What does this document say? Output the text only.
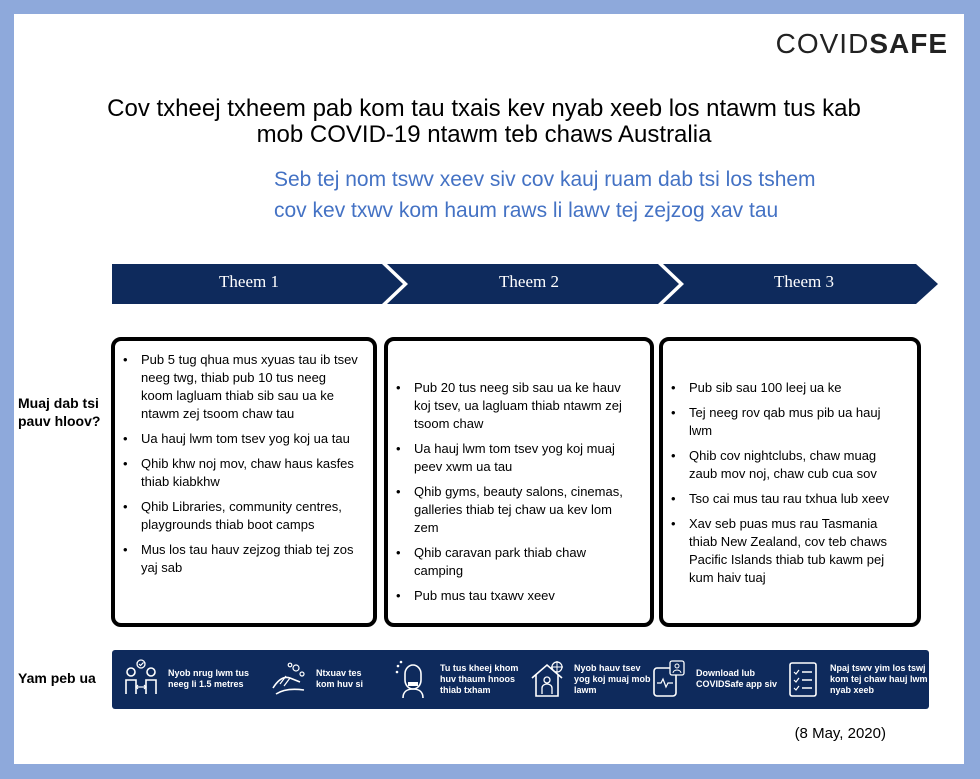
COVIDSAFE
Cov txheej txheem pab kom tau txais kev nyab xeeb los ntawm tus kab mob COVID-19 ntawm teb chaws Australia
Seb tej nom tswv xeev siv cov kauj ruam dab tsi los tshem cov kev txwv kom haum raws li lawv tej zejzog xav tau
Theem 1	Theem 2	Theem 3
Muaj dab tsi pauv hloov?
Yam peb ua
• Pub 5 tug qhua mus xyuas tau ib tsev neeg twg, thiab pub 10 tus neeg koom lagluam thiab sib sau ua ke ntawm zej tsoom chaw tau
• Ua hauj lwm tom tsev yog koj ua tau
• Qhib khw noj mov, chaw haus kasfes thiab kiabkhw
• Qhib Libraries, community centres, playgrounds thiab boot camps
• Mus los tau hauv zejzog thiab tej zos yaj sab
• Pub 20 tus neeg sib sau ua ke hauv koj tsev, ua lagluam thiab ntawm zej tsoom chaw
• Ua hauj lwm tom tsev yog koj muaj peev xwm ua tau
• Qhib gyms, beauty salons, cinemas, galleries thiab tej chaw ua kev lom zem
• Qhib caravan park thiab chaw camping
• Pub mus tau txawv xeev
• Pub sib sau 100 leej ua ke
• Tej neeg rov qab mus pib ua hauj lwm
• Qhib cov nightclubs, chaw muag zaub mov noj, chaw cub cua sov
• Tso cai mus tau rau txhua lub xeev
• Xav seb puas mus rau Tasmania thiab New Zealand, cov teb chaws Pacific Islands thiab tub kawm pej kum haiv tuaj
Nyob nrug lwm tus neeg li 1.5 metres
Ntxuav tes kom huv si
Tu tus kheej khom huv thaum hnoos thiab txham
Nyob hauv tsev yog koj muaj mob lawm
Download lub COVIDSafe app siv
Npaj tswv yim los tswj kom tej chaw hauj lwm nyab xeeb
(8 May, 2020)
